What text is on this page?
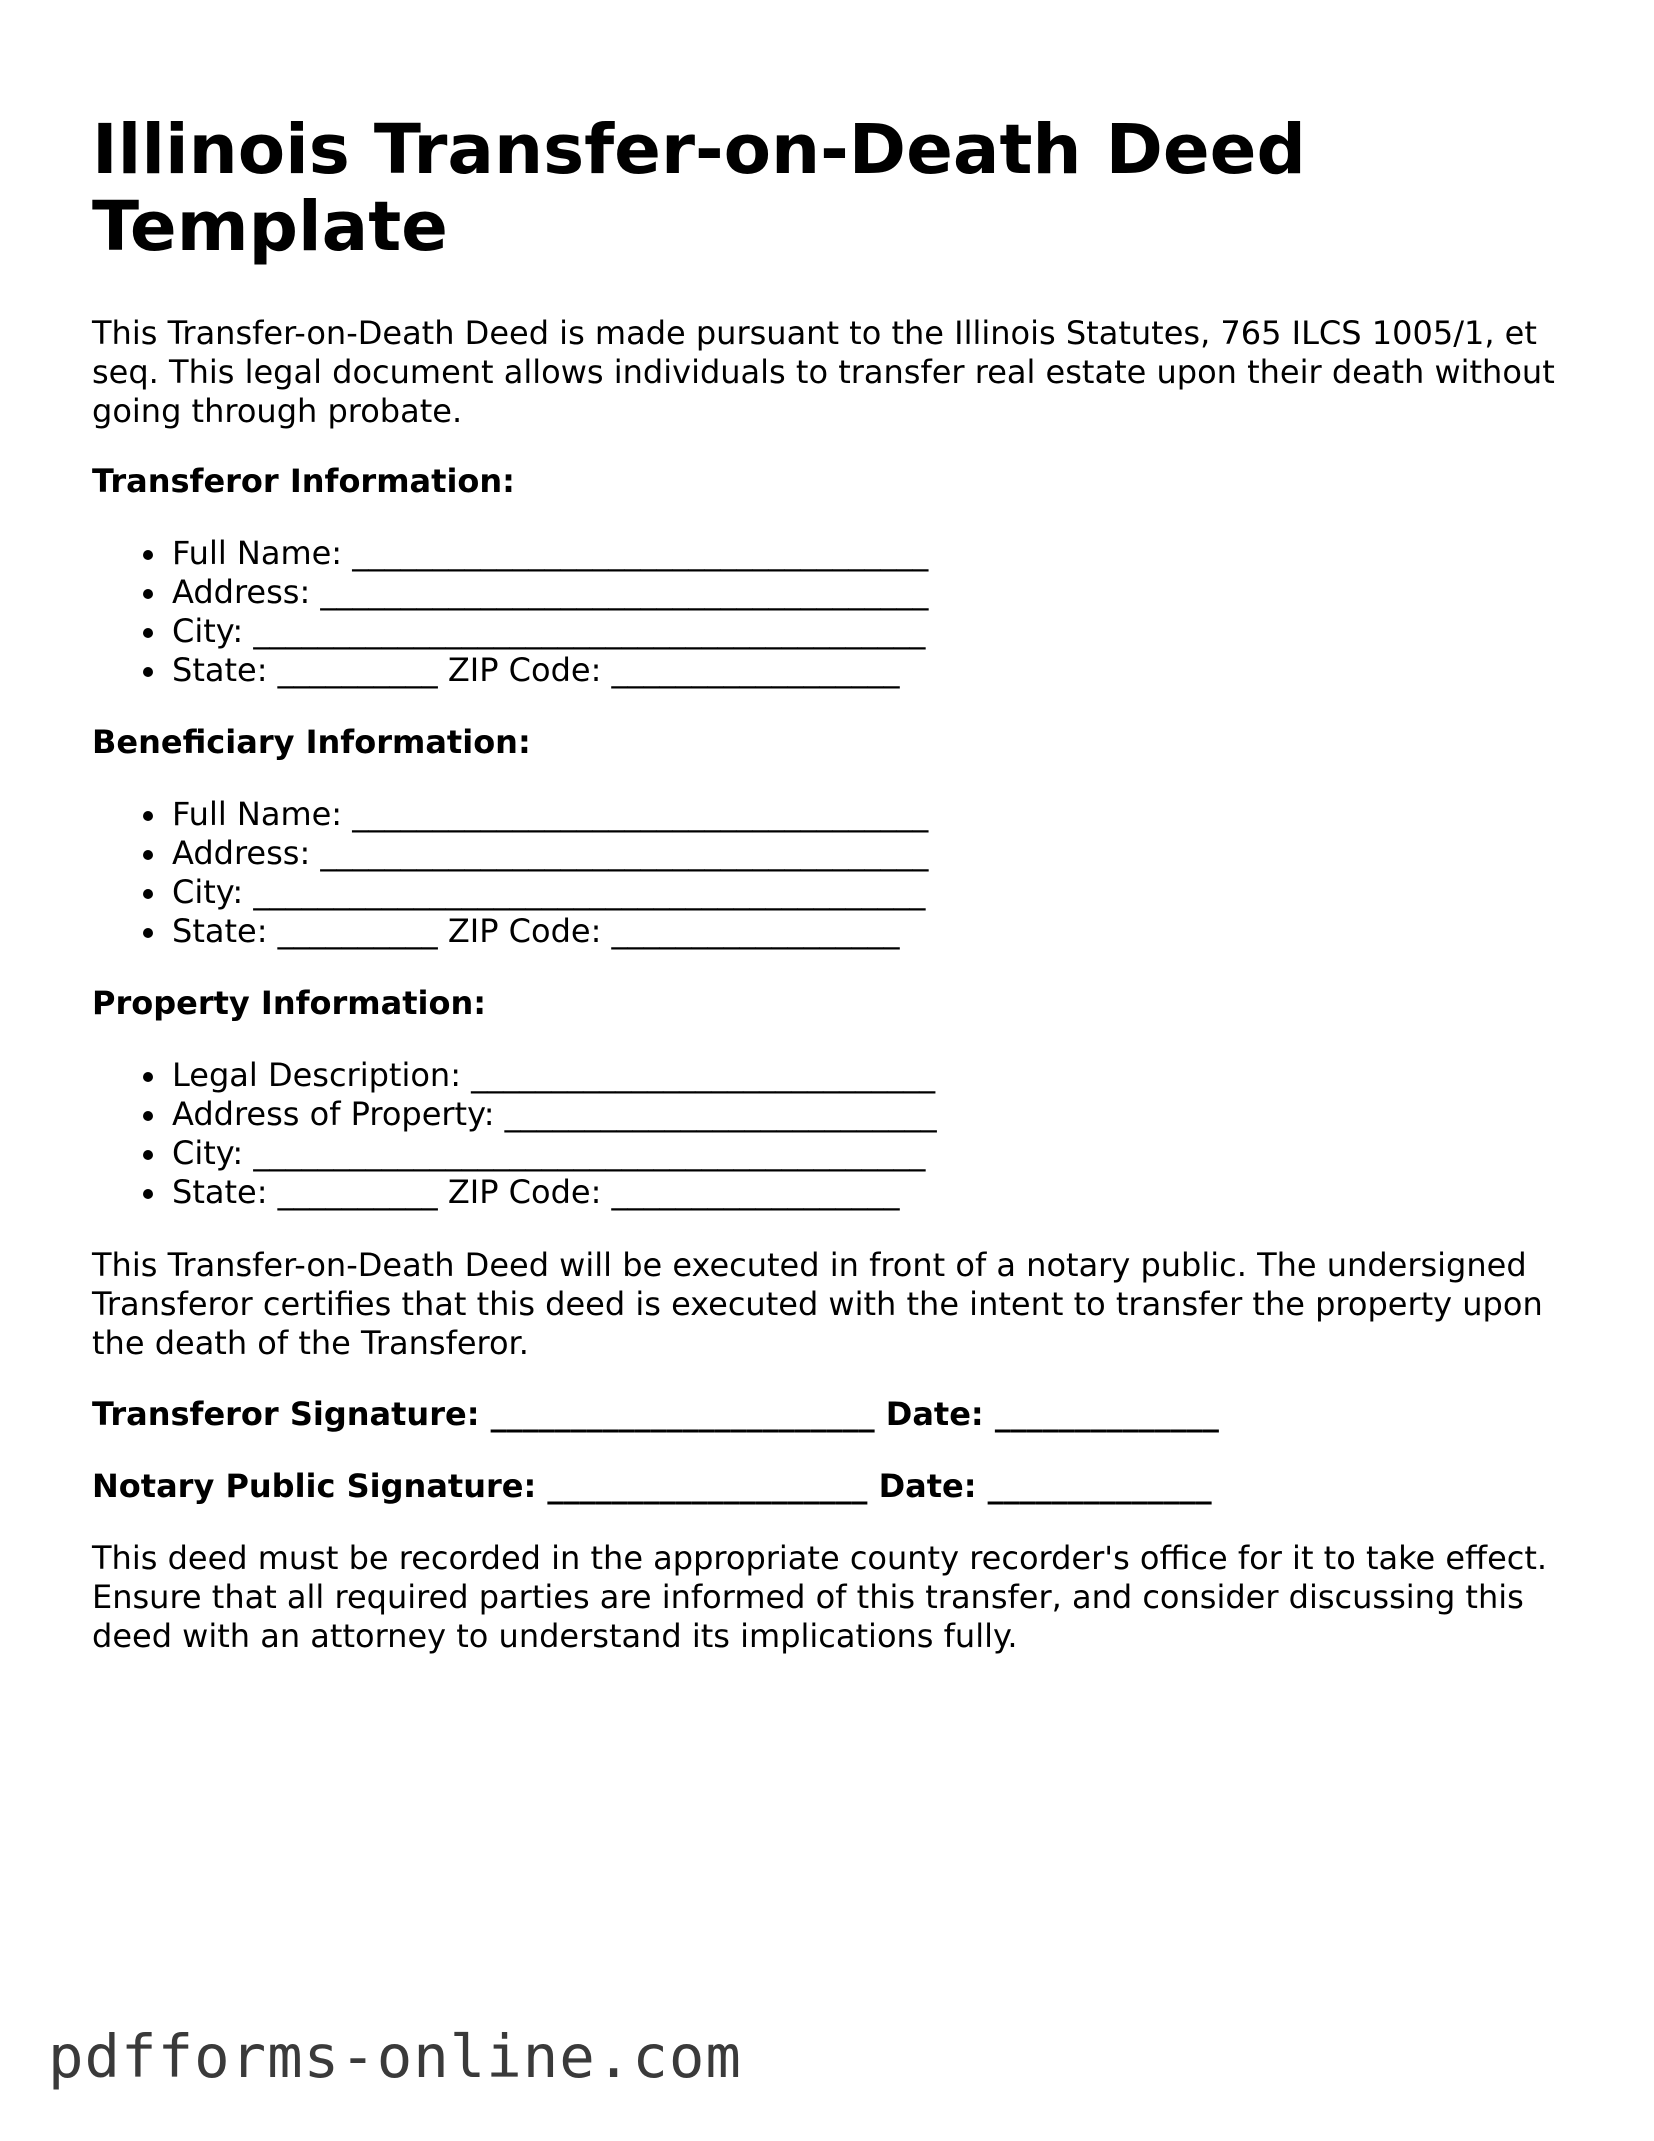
Illinois Transfer-on-Death Deed Template

This Transfer-on-Death Deed is made pursuant to the Illinois Statutes, 765 ILCS 1005/1, et seq. This legal document allows individuals to transfer real estate upon their death without going through probate.

Transferor Information:
Full Name: ____________________________________
Address: ______________________________________
City: __________________________________________
State: __________ ZIP Code: __________________
Beneficiary Information:
Full Name: ____________________________________
Address: ______________________________________
City: __________________________________________
State: __________ ZIP Code: __________________
Property Information:
Legal Description: _____________________________
Address of Property: ___________________________
City: __________________________________________
State: __________ ZIP Code: __________________

This Transfer-on-Death Deed will be executed in front of a notary public. The undersigned Transferor certifies that this deed is executed with the intent to transfer the property upon the death of the Transferor.

Transferor Signature: ________________________ Date: ______________
Notary Public Signature: ____________________ Date: ______________

This deed must be recorded in the appropriate county recorder's office for it to take effect. Ensure that all required parties are informed of this transfer, and consider discussing this deed with an attorney to understand its implications fully.

pdfforms-online.com
